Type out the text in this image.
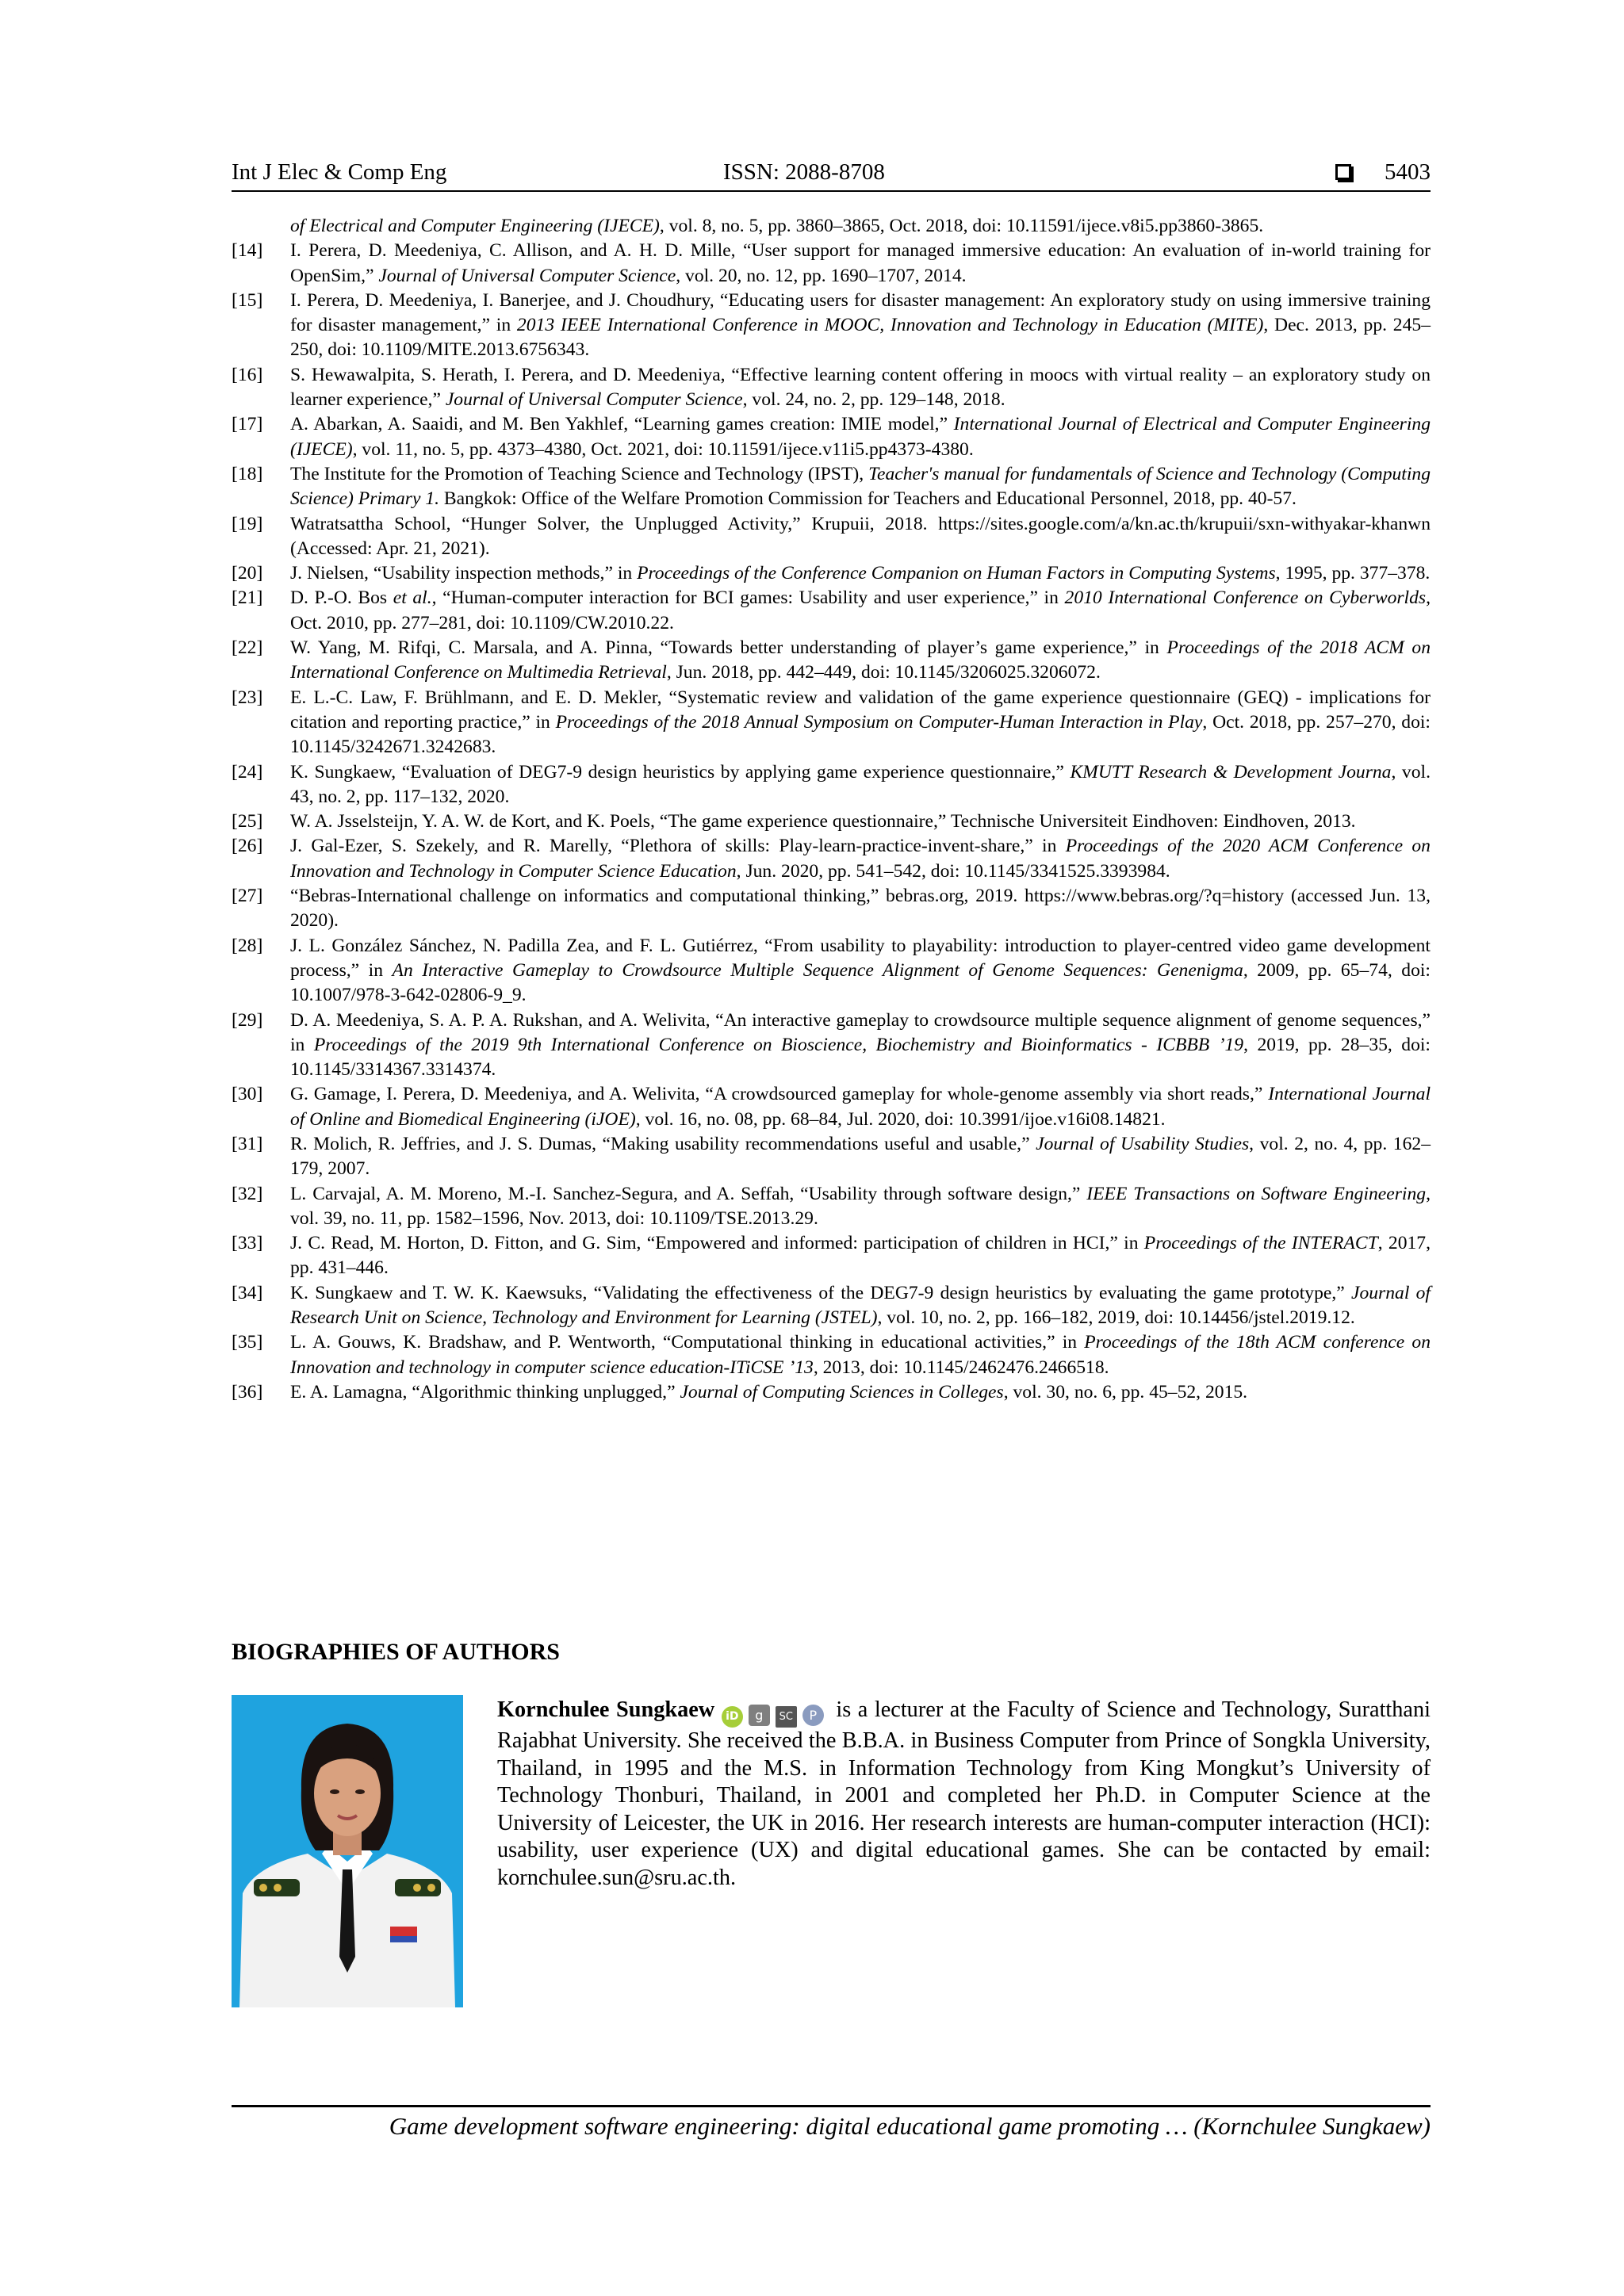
Int J Elec & Comp Eng	ISSN: 2088-8708	5403
of Electrical and Computer Engineering (IJECE), vol. 8, no. 5, pp. 3860–3865, Oct. 2018, doi: 10.11591/ijece.v8i5.pp3860-3865.
[14]	I. Perera, D. Meedeniya, C. Allison, and A. H. D. Mille, “User support for managed immersive education: An evaluation of in-world training for OpenSim,” Journal of Universal Computer Science, vol. 20, no. 12, pp. 1690–1707, 2014.
[15]	I. Perera, D. Meedeniya, I. Banerjee, and J. Choudhury, “Educating users for disaster management: An exploratory study on using immersive training for disaster management,” in 2013 IEEE International Conference in MOOC, Innovation and Technology in Education (MITE), Dec. 2013, pp. 245–250, doi: 10.1109/MITE.2013.6756343.
[16]	S. Hewawalpita, S. Herath, I. Perera, and D. Meedeniya, “Effective learning content offering in moocs with virtual reality – an exploratory study on learner experience,” Journal of Universal Computer Science, vol. 24, no. 2, pp. 129–148, 2018.
[17]	A. Abarkan, A. Saaidi, and M. Ben Yakhlef, “Learning games creation: IMIE model,” International Journal of Electrical and Computer Engineering (IJECE), vol. 11, no. 5, pp. 4373–4380, Oct. 2021, doi: 10.11591/ijece.v11i5.pp4373-4380.
[18]	The Institute for the Promotion of Teaching Science and Technology (IPST), Teacher's manual for fundamentals of Science and Technology (Computing Science) Primary 1. Bangkok: Office of the Welfare Promotion Commission for Teachers and Educational Personnel, 2018, pp. 40-57.
[19]	Watratsattha School, “Hunger Solver, the Unplugged Activity,” Krupuii, 2018. https://sites.google.com/a/kn.ac.th/krupuii/sxn-withyakar-khanwn (Accessed: Apr. 21, 2021).
[20]	J. Nielsen, “Usability inspection methods,” in Proceedings of the Conference Companion on Human Factors in Computing Systems, 1995, pp. 377–378.
[21]	D. P.-O. Bos et al., “Human-computer interaction for BCI games: Usability and user experience,” in 2010 International Conference on Cyberworlds, Oct. 2010, pp. 277–281, doi: 10.1109/CW.2010.22.
[22]	W. Yang, M. Rifqi, C. Marsala, and A. Pinna, “Towards better understanding of player’s game experience,” in Proceedings of the 2018 ACM on International Conference on Multimedia Retrieval, Jun. 2018, pp. 442–449, doi: 10.1145/3206025.3206072.
[23]	E. L.-C. Law, F. Brühlmann, and E. D. Mekler, “Systematic review and validation of the game experience questionnaire (GEQ) - implications for citation and reporting practice,” in Proceedings of the 2018 Annual Symposium on Computer-Human Interaction in Play, Oct. 2018, pp. 257–270, doi: 10.1145/3242671.3242683.
[24]	K. Sungkaew, “Evaluation of DEG7-9 design heuristics by applying game experience questionnaire,” KMUTT Research & Development Journa, vol. 43, no. 2, pp. 117–132, 2020.
[25]	W. A. Jsselsteijn, Y. A. W. de Kort, and K. Poels, “The game experience questionnaire,” Technische Universiteit Eindhoven: Eindhoven, 2013.
[26]	J. Gal-Ezer, S. Szekely, and R. Marelly, “Plethora of skills: Play-learn-practice-invent-share,” in Proceedings of the 2020 ACM Conference on Innovation and Technology in Computer Science Education, Jun. 2020, pp. 541–542, doi: 10.1145/3341525.3393984.
[27]	“Bebras-International challenge on informatics and computational thinking,” bebras.org, 2019. https://www.bebras.org/?q=history (accessed Jun. 13, 2020).
[28]	J. L. González Sánchez, N. Padilla Zea, and F. L. Gutiérrez, “From usability to playability: introduction to player-centred video game development process,” in An Interactive Gameplay to Crowdsource Multiple Sequence Alignment of Genome Sequences: Genenigma, 2009, pp. 65–74, doi: 10.1007/978-3-642-02806-9_9.
[29]	D. A. Meedeniya, S. A. P. A. Rukshan, and A. Welivita, “An interactive gameplay to crowdsource multiple sequence alignment of genome sequences,” in Proceedings of the 2019 9th International Conference on Bioscience, Biochemistry and Bioinformatics - ICBBB ’19, 2019, pp. 28–35, doi: 10.1145/3314367.3314374.
[30]	G. Gamage, I. Perera, D. Meedeniya, and A. Welivita, “A crowdsourced gameplay for whole-genome assembly via short reads,” International Journal of Online and Biomedical Engineering (iJOE), vol. 16, no. 08, pp. 68–84, Jul. 2020, doi: 10.3991/ijoe.v16i08.14821.
[31]	R. Molich, R. Jeffries, and J. S. Dumas, “Making usability recommendations useful and usable,” Journal of Usability Studies, vol. 2, no. 4, pp. 162–179, 2007.
[32]	L. Carvajal, A. M. Moreno, M.-I. Sanchez-Segura, and A. Seffah, “Usability through software design,” IEEE Transactions on Software Engineering, vol. 39, no. 11, pp. 1582–1596, Nov. 2013, doi: 10.1109/TSE.2013.29.
[33]	J. C. Read, M. Horton, D. Fitton, and G. Sim, “Empowered and informed: participation of children in HCI,” in Proceedings of the INTERACT, 2017, pp. 431–446.
[34]	K. Sungkaew and T. W. K. Kaewsuks, “Validating the effectiveness of the DEG7-9 design heuristics by evaluating the game prototype,” Journal of Research Unit on Science, Technology and Environment for Learning (JSTEL), vol. 10, no. 2, pp. 166–182, 2019, doi: 10.14456/jstel.2019.12.
[35]	L. A. Gouws, K. Bradshaw, and P. Wentworth, “Computational thinking in educational activities,” in Proceedings of the 18th ACM conference on Innovation and technology in computer science education-ITiCSE ’13, 2013, doi: 10.1145/2462476.2466518.
[36]	E. A. Lamagna, “Algorithmic thinking unplugged,” Journal of Computing Sciences in Colleges, vol. 30, no. 6, pp. 45–52, 2015.
BIOGRAPHIES OF AUTHORS
Kornchulee Sungkaew iD g SC P is a lecturer at the Faculty of Science and Technology, Suratthani Rajabhat University. She received the B.B.A. in Business Computer from Prince of Songkla University, Thailand, in 1995 and the M.S. in Information Technology from King Mongkut’s University of Technology Thonburi, Thailand, in 2001 and completed her Ph.D. in Computer Science at the University of Leicester, the UK in 2016. Her research interests are human-computer interaction (HCI): usability, user experience (UX) and digital educational games. She can be contacted by email: kornchulee.sun@sru.ac.th.
Game development software engineering: digital educational game promoting … (Kornchulee Sungkaew)
